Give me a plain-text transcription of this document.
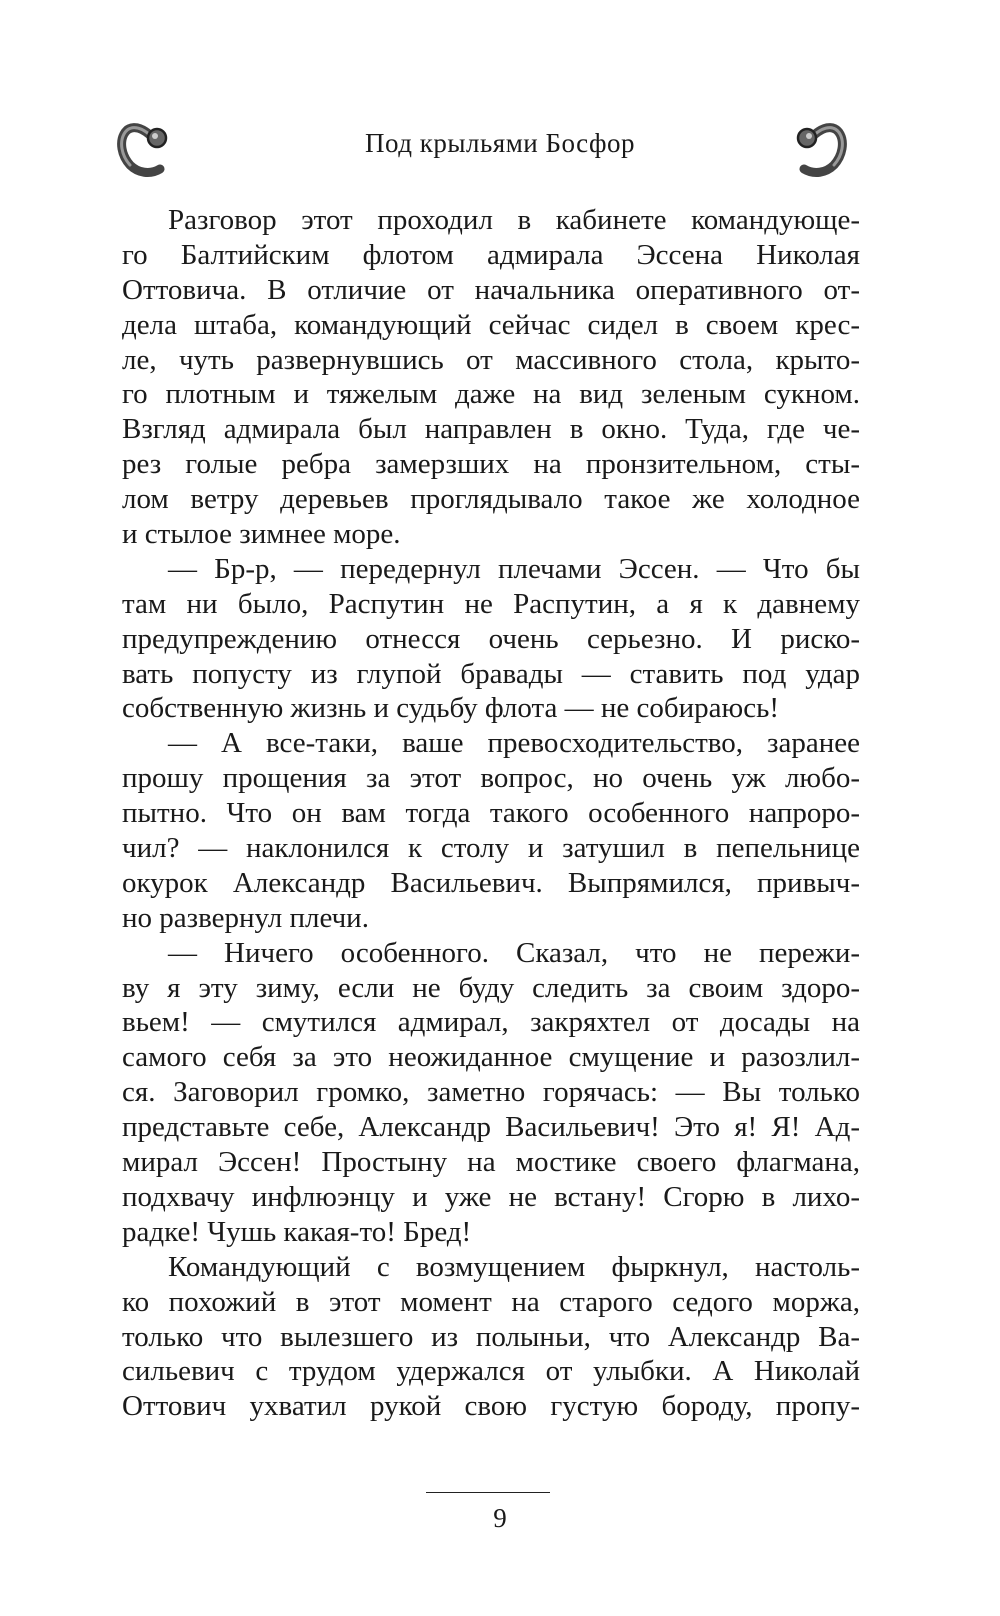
Под крыльями Босфор
Разговор этот проходил в кабинете командующе-
го Балтийским флотом адмирала Эссена Николая
Оттовича. В отличие от начальника оперативного от-
дела штаба, командующий сейчас сидел в своем крес-
ле, чуть развернувшись от массивного стола, крыто-
го плотным и тяжелым даже на вид зеленым сукном.
Взгляд адмирала был направлен в окно. Туда, где че-
рез голые ребра замерзших на пронзительном, сты-
лом ветру деревьев проглядывало такое же холодное
и стылое зимнее море.
— Бр-р, — передернул плечами Эссен. — Что бы
там ни было, Распутин не Распутин, а я к давнему
предупреждению отнесся очень серьезно. И риско-
вать попусту из глупой бравады — ставить под удар
собственную жизнь и судьбу флота — не собираюсь!
— А все-таки, ваше превосходительство, заранее
прошу прощения за этот вопрос, но очень уж любо-
пытно. Что он вам тогда такого особенного напроро-
чил? — наклонился к столу и затушил в пепельнице
окурок Александр Васильевич. Выпрямился, привыч-
но развернул плечи.
— Ничего особенного. Сказал, что не пережи-
ву я эту зиму, если не буду следить за своим здоро-
вьем! — смутился адмирал, закряхтел от досады на
самого себя за это неожиданное смущение и разозлил-
ся. Заговорил громко, заметно горячась: — Вы только
представьте себе, Александр Васильевич! Это я! Я! Ад-
мирал Эссен! Простыну на мостике своего флагмана,
подхвачу инфлюэнцу и уже не встану! Сгорю в лихо-
радке! Чушь какая-то! Бред!
Командующий с возмущением фыркнул, настоль-
ко похожий в этот момент на старого седого моржа,
только что вылезшего из полыньи, что Александр Ва-
сильевич с трудом удержался от улыбки. А Николай
Оттович ухватил рукой свою густую бороду, пропу-
9
